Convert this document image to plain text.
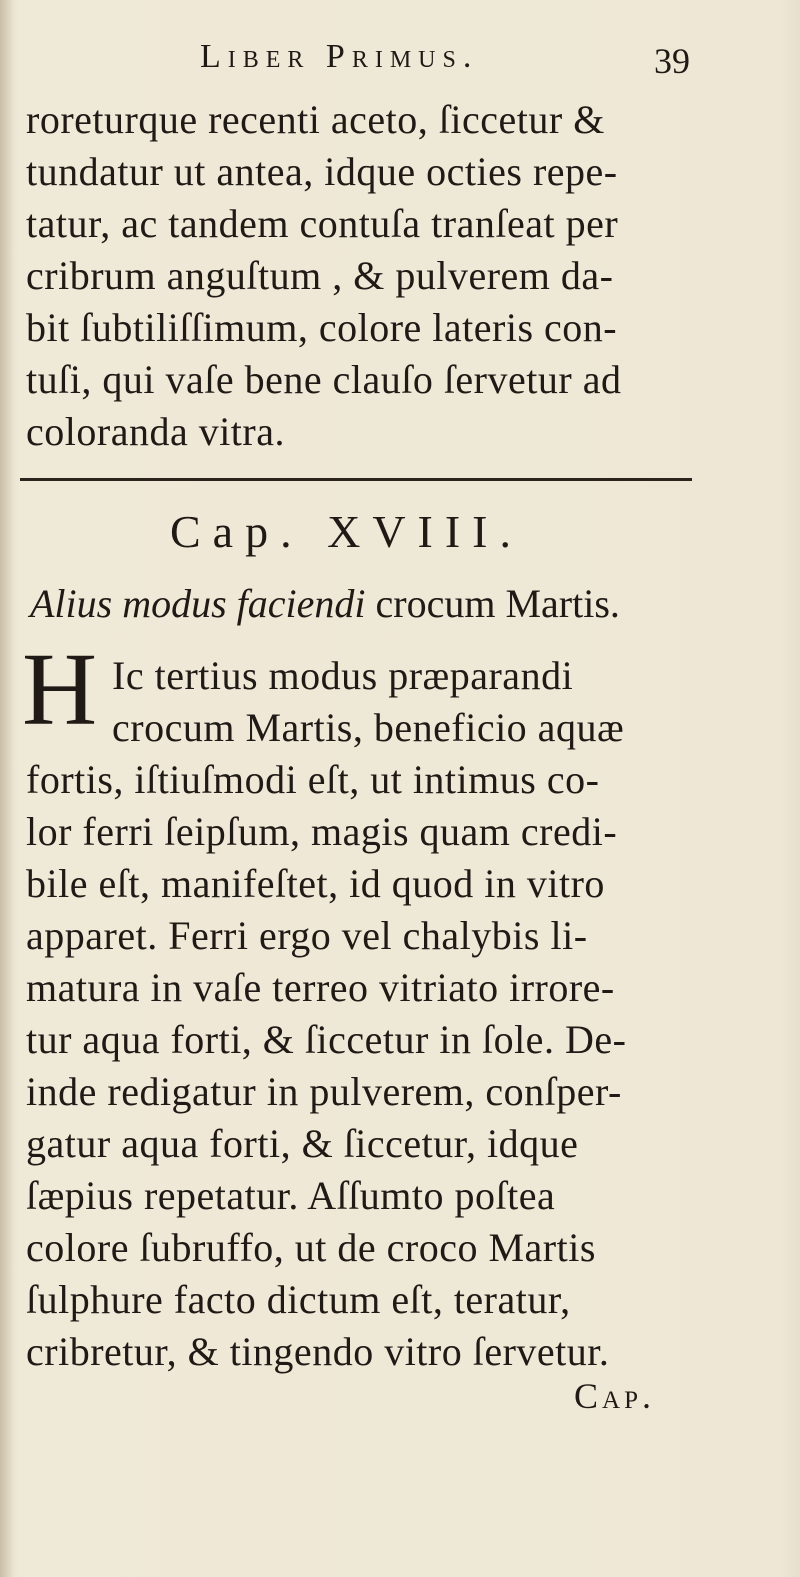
Liber Primus.	39
roreturque recenti aceto, ſiccetur &
tundatur ut antea, idque octies repe-
tatur, ac tandem contuſa tranſeat per
cribrum anguſtum , & pulverem da-
bit ſubtiliſſimum, colore lateris con-
tuſi, qui vaſe bene clauſo ſervetur ad
coloranda vitra.
Cap. XVIII.
Alius modus faciendi crocum Martis.
H Ic tertius modus præparandi
crocum Martis, beneficio aquæ
fortis, iſtiuſmodi eſt, ut intimus co-
lor ferri ſeipſum, magis quam credi-
bile eſt, manifeſtet, id quod in vitro
apparet. Ferri ergo vel chalybis li-
matura in vaſe terreo vitriato irrore-
tur aqua forti, & ſiccetur in ſole. De-
inde redigatur in pulverem, conſper-
gatur aqua forti, & ſiccetur, idque
ſæpius repetatur. Aſſumto poſtea
colore ſubruffo, ut de croco Martis
ſulphure facto dictum eſt, teratur,
cribretur, & tingendo vitro ſervetur.
Cap.
